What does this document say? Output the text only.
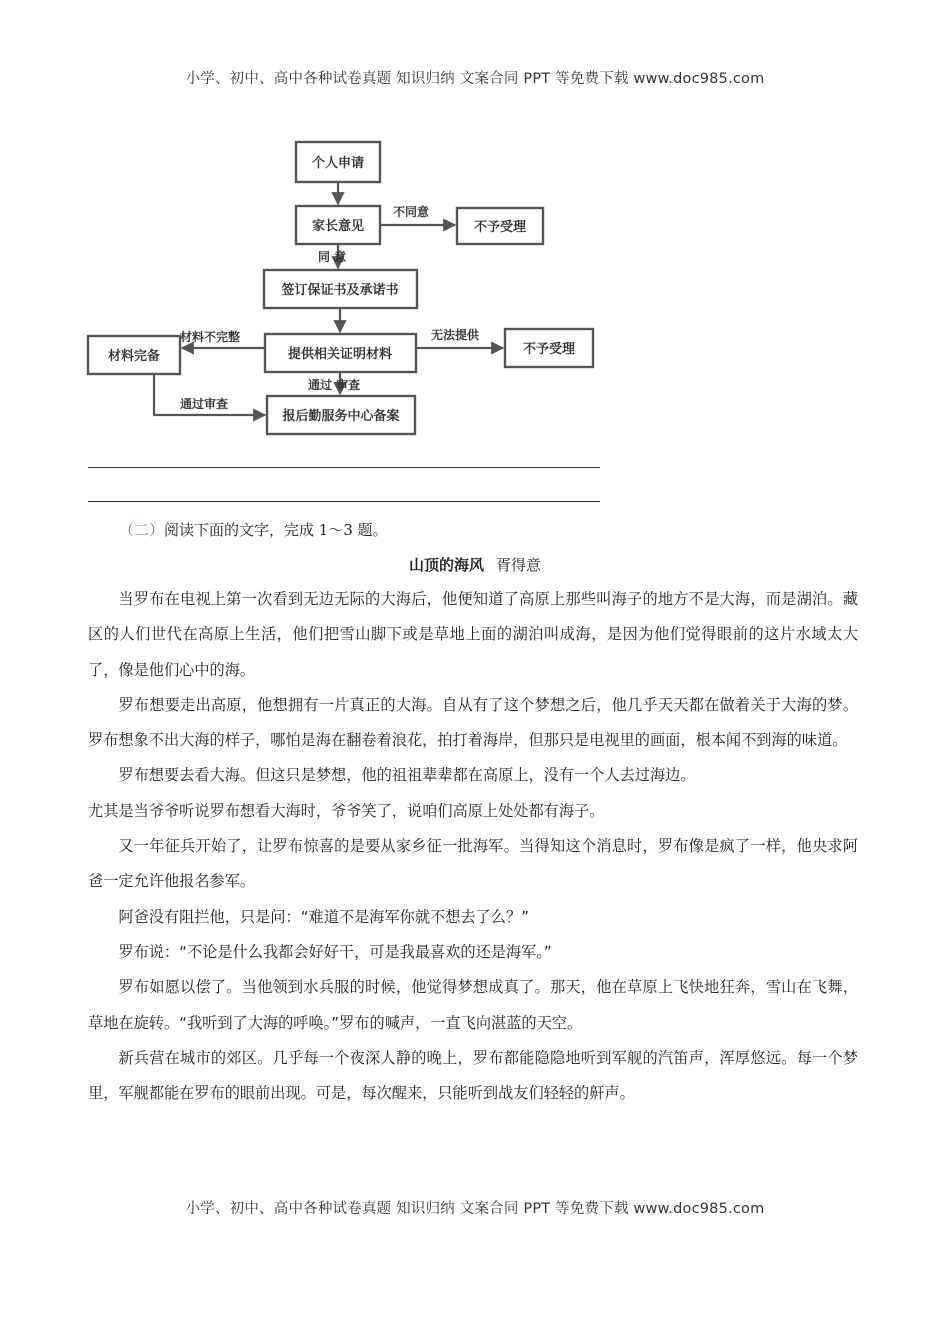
小学、初中、高中各种试卷真题 知识归纳 文案合同 PPT 等免费下载 www.doc985.com
个人申请
家长意见	不予受理
签订保证书及承诺书
提供相关证明材料	不予受理
材料完备
报后勤服务中心备案
不同意
同 意
无法提供
材料不完整
通过审查
通过 审查
（二）阅读下面的文字，完成 1～3 题。
山顶的海风 胥得意

当罗布在电视上第一次看到无边无际的大海后，他便知道了高原上那些叫海子的地方不是大海，而是湖泊。藏区的人们世代在高原上生活，他们把雪山脚下或是草地上面的湖泊叫成海，是因为他们觉得眼前的这片水域太大了，像是他们心中的海。

罗布想要走出高原，他想拥有一片真正的大海。自从有了这个梦想之后，他几乎天天都在做着关于大海的梦。罗布想象不出大海的样子，哪怕是海在翻卷着浪花，拍打着海岸，但那只是电视里的画面，根本闻不到海的味道。

罗布想要去看大海。但这只是梦想，他的祖祖辈辈都在高原上，没有一个人去过海边。

尤其是当爷爷听说罗布想看大海时，爷爷笑了，说咱们高原上处处都有海子。

又一年征兵开始了，让罗布惊喜的是要从家乡征一批海军。当得知这个消息时，罗布像是疯了一样，他央求阿爸一定允许他报名参军。

阿爸没有阻拦他，只是问：“难道不是海军你就不想去了么？”

罗布说：“不论是什么我都会好好干，可是我最喜欢的还是海军。”

罗布如愿以偿了。当他领到水兵服的时候，他觉得梦想成真了。那天，他在草原上飞快地狂奔，雪山在飞舞，草地在旋转。“我听到了大海的呼唤。”罗布的喊声，一直飞向湛蓝的天空。

新兵营在城市的郊区。几乎每一个夜深人静的晚上，罗布都能隐隐地听到军舰的汽笛声，浑厚悠远。每一个梦里，军舰都能在罗布的眼前出现。可是，每次醒来，只能听到战友们轻轻的鼾声。

小学、初中、高中各种试卷真题 知识归纳 文案合同 PPT 等免费下载 www.doc985.com
